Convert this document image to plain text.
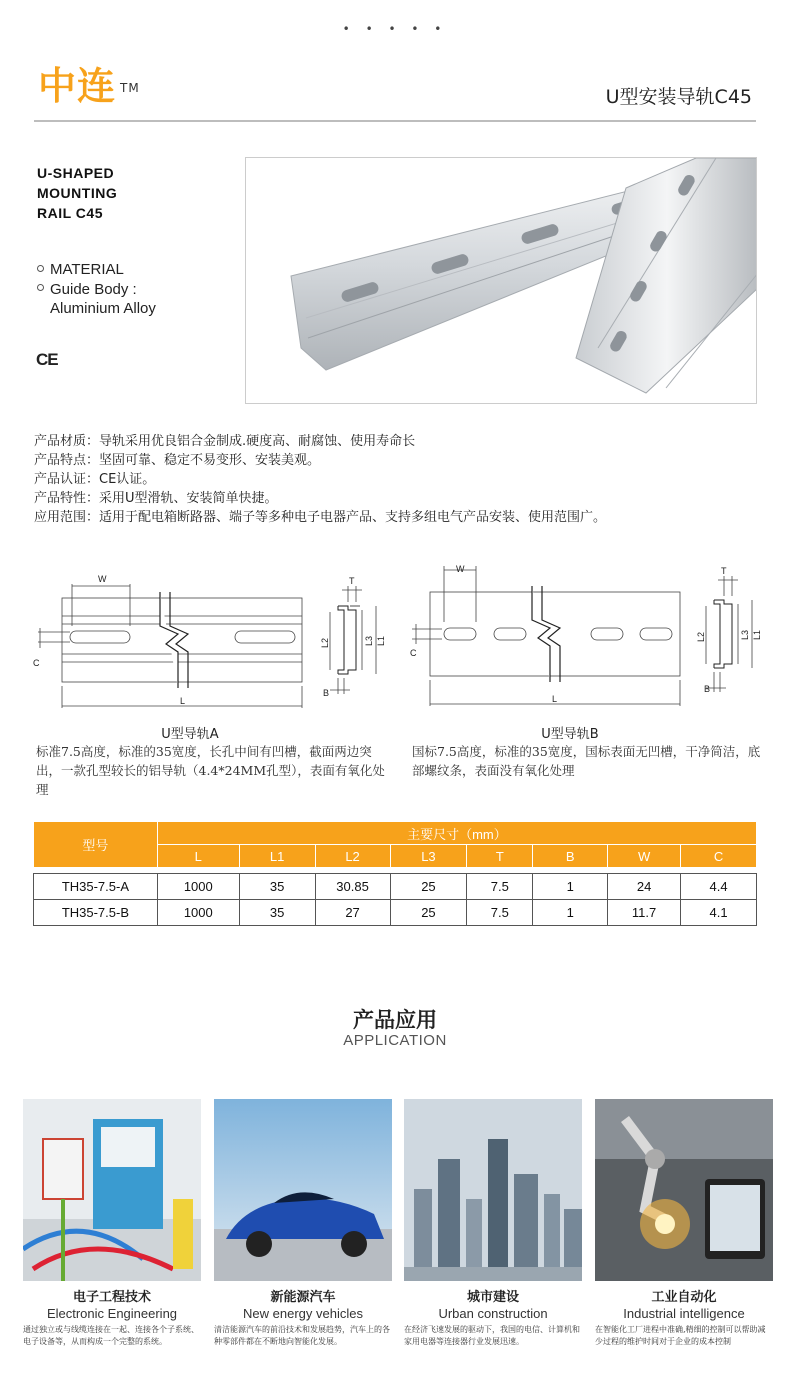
• • • • •
中连 ™	U型安装导轨C45
U-SHAPED
MOUNTING
RAIL C45
MATERIAL
Guide Body :
Aluminium Alloy
CE
产品材质：导轨采用优良铝合金制成.硬度高、耐腐蚀、使用寿命长
产品特点：坚固可靠、稳定不易变形、安装美观。
产品认证：CE认证。
产品特性：采用U型滑轨、安装简单快捷。
应用范围：适用于配电箱断路器、端子等多种电子电器产品、支持多组电气产品安装、使用范围广。
W
C
L
T
L2	L3 L1
B
U型导轨A
标准7.5高度，标准的35宽度，长孔中间有凹槽，截面两边突出，一款孔型较长的铝导轨（4.4*24MM孔型），表面有氧化处理
W
C
L
T
L2	L3 L1
B
U型导轨B
国标7.5高度，标准的35宽度，国标表面无凹槽，干净简洁，底部螺纹条，表面没有氧化处理
型号	主要尺寸（mm）							
	L	L1	L2	L3	T	B	W	C

TH35-7.5-A	1000	35	30.85	25	7.5	1	24	4.4
TH35-7.5-B	1000	35	27	25	7.5	1	11.7	4.1
产品应用
APPLICATION
电子工程技术
Electronic Engineering
通过独立或与线缆连接在一起、连接各个子系统、电子设备等，从而构成一个完整的系统。
新能源汽车
New energy vehicles
清洁能源汽车的前沿技术和发展趋势，汽车上的各种零部件都在不断地向智能化发展。
城市建设
Urban construction
在经济飞速发展的驱动下，我国的电信、计算机和家用电器等连接器行业发展迅速。
工业自动化
Industrial intelligence
在智能化工厂进程中准确,精细的控制可以帮助减少过程的维护时间对于企业的成本控制
